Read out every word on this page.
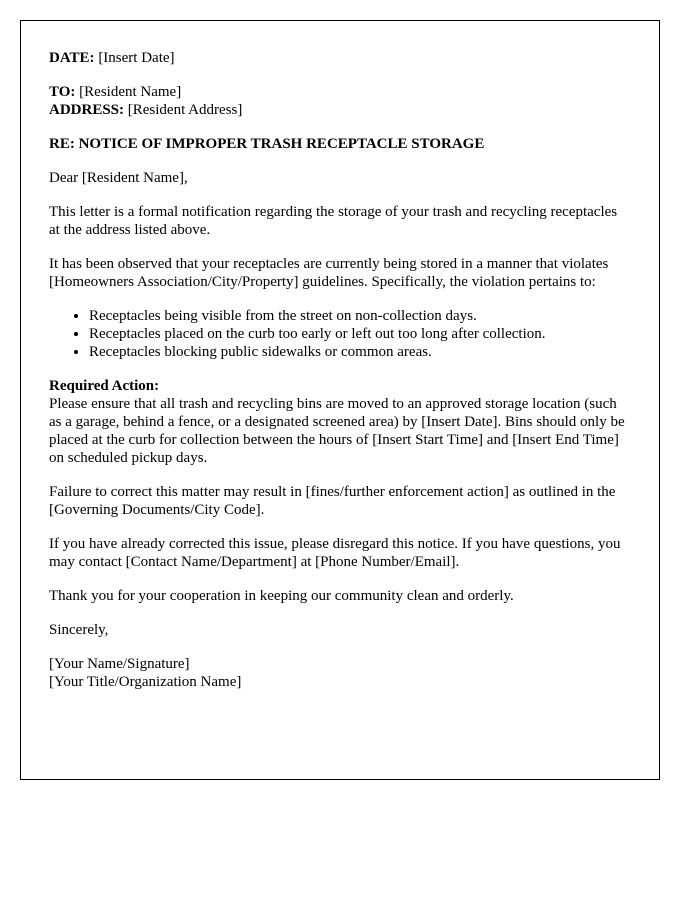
DATE: [Insert Date]

TO: [Resident Name]

ADDRESS: [Resident Address]

RE: NOTICE OF IMPROPER TRASH RECEPTACLE STORAGE

Dear [Resident Name],

This letter is a formal notification regarding the storage of your trash and recycling receptacles at the address listed above.

It has been observed that your receptacles are currently being stored in a manner that violates [Homeowners Association/City/Property] guidelines. Specifically, the violation pertains to:

• Receptacles being visible from the street on non-collection days.
• Receptacles placed on the curb too early or left out too long after collection.
• Receptacles blocking public sidewalks or common areas.

Required Action:

Please ensure that all trash and recycling bins are moved to an approved storage location (such as a garage, behind a fence, or a designated screened area) by [Insert Date]. Bins should only be placed at the curb for collection between the hours of [Insert Start Time] and [Insert End Time] on scheduled pickup days.

Failure to correct this matter may result in [fines/further enforcement action] as outlined in the [Governing Documents/City Code].

If you have already corrected this issue, please disregard this notice. If you have questions, you may contact [Contact Name/Department] at [Phone Number/Email].

Thank you for your cooperation in keeping our community clean and orderly.

Sincerely,

[Your Name/Signature]

[Your Title/Organization Name]
